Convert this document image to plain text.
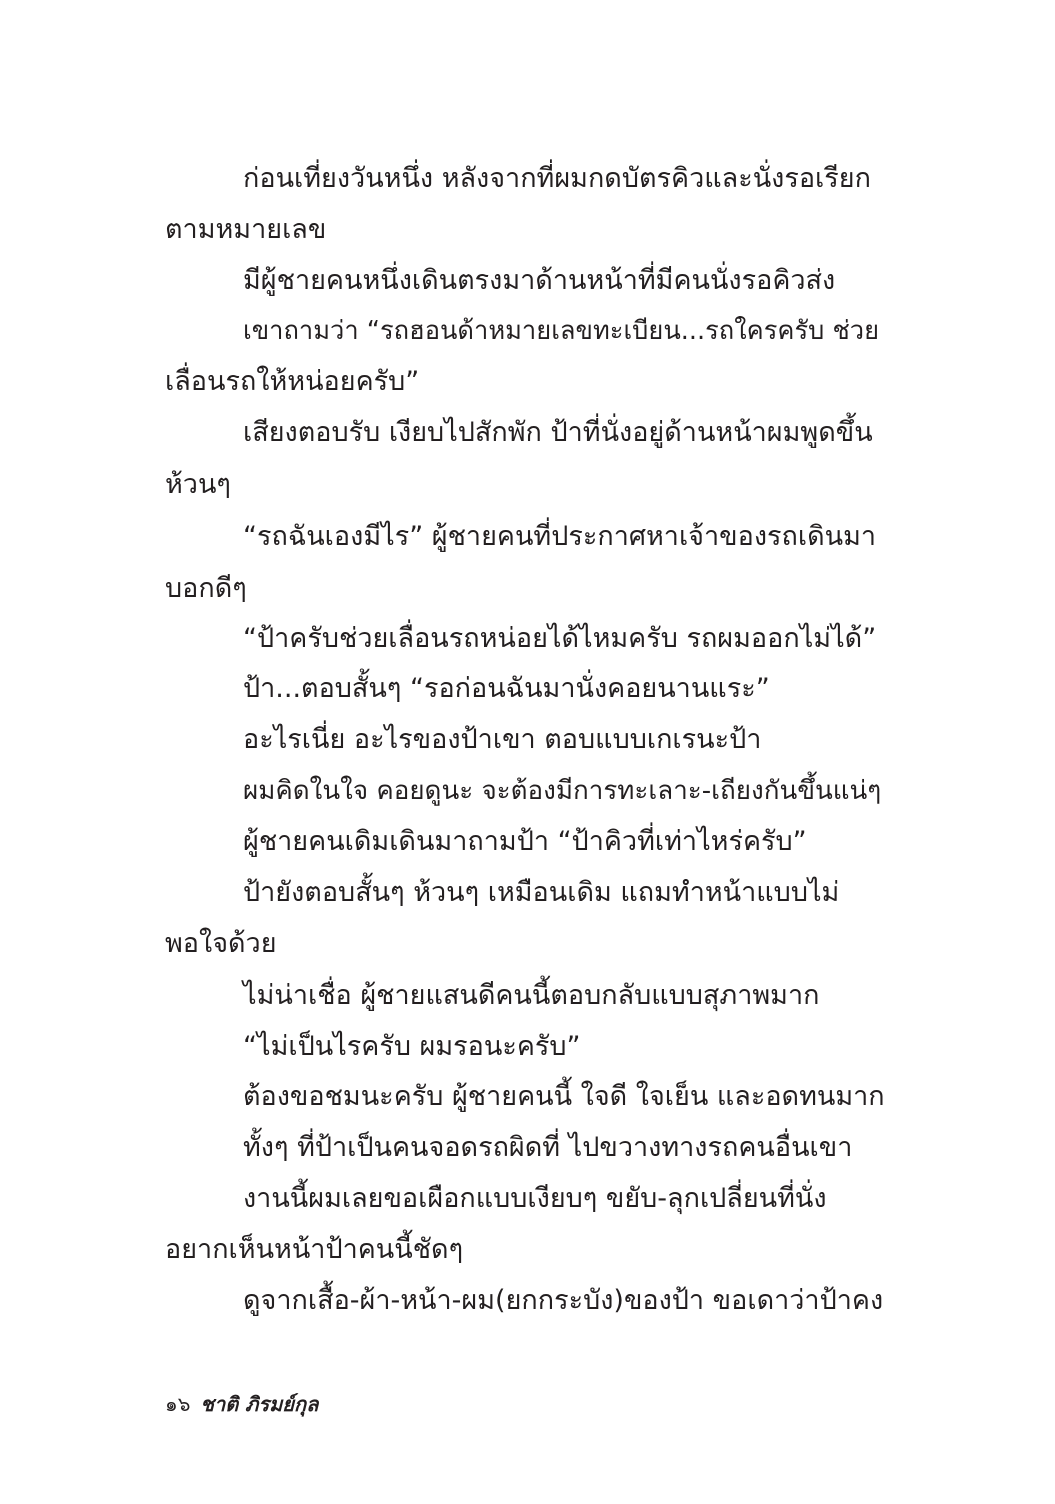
ก่อนเที่ยงวันหนึ่ง หลังจากที่ผมกดบัตรคิวและนั่งรอเรียก
ตามหมายเลข
มีผู้ชายคนหนึ่งเดินตรงมาด้านหน้าที่มีคนนั่งรอคิวส่ง
เขาถามว่า “รถฮอนด้าหมายเลขทะเบียน...รถใครครับ ช่วย
เลื่อนรถให้หน่อยครับ”
เสียงตอบรับ เงียบไปสักพัก ป้าที่นั่งอยู่ด้านหน้าผมพูดขึ้น
ห้วนๆ
“รถฉันเองมีไร” ผู้ชายคนที่ประกาศหาเจ้าของรถเดินมา
บอกดีๆ
“ป้าครับช่วยเลื่อนรถหน่อยได้ไหมครับ รถผมออกไม่ได้”
ป้า...ตอบสั้นๆ “รอก่อนฉันมานั่งคอยนานแระ”
อะไรเนี่ย อะไรของป้าเขา ตอบแบบเกเรนะป้า
ผมคิดในใจ คอยดูนะ จะต้องมีการทะเลาะ-เถียงกันขึ้นแน่ๆ
ผู้ชายคนเดิมเดินมาถามป้า “ป้าคิวที่เท่าไหร่ครับ”
ป้ายังตอบสั้นๆ ห้วนๆ เหมือนเดิม แถมทำหน้าแบบไม่
พอใจด้วย
ไม่น่าเชื่อ ผู้ชายแสนดีคนนี้ตอบกลับแบบสุภาพมาก
“ไม่เป็นไรครับ ผมรอนะครับ”
ต้องขอชมนะครับ ผู้ชายคนนี้ ใจดี ใจเย็น และอดทนมาก
ทั้งๆ ที่ป้าเป็นคนจอดรถผิดที่ ไปขวางทางรถคนอื่นเขา
งานนี้ผมเลยขอเผือกแบบเงียบๆ ขยับ-ลุกเปลี่ยนที่นั่ง
อยากเห็นหน้าป้าคนนี้ชัดๆ
ดูจากเสื้อ-ผ้า-หน้า-ผม(ยกกระบัง)ของป้า ขอเดาว่าป้าคง
๑๖ ชาติ ภิรมย์กุล
